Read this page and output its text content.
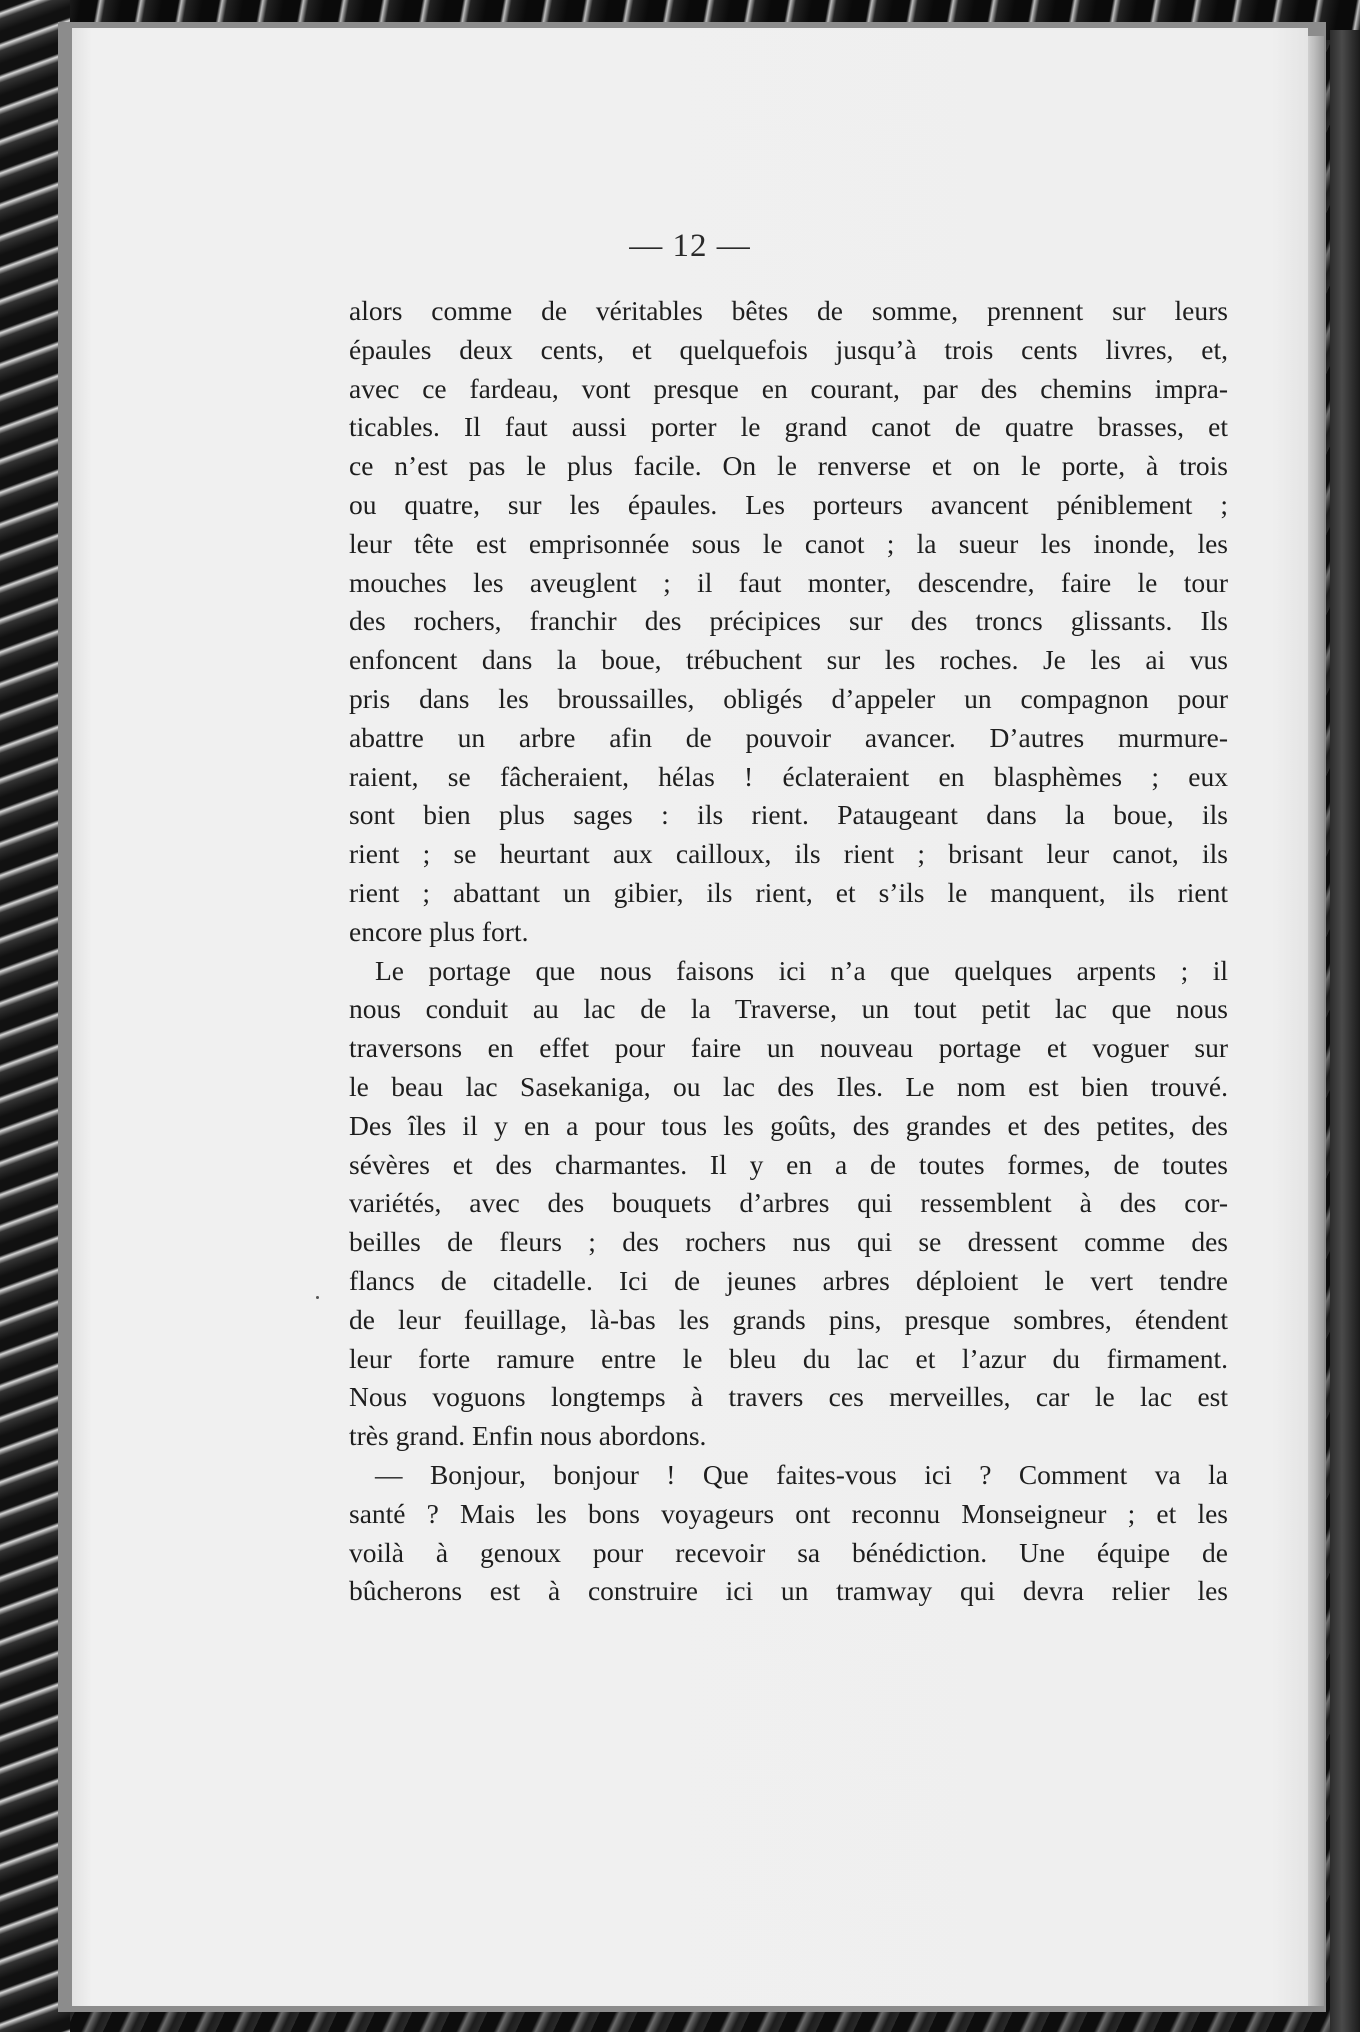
— 12 —
alors comme de véritables bêtes de somme, prennent sur leurs
épaules deux cents, et quelquefois jusqu’à trois cents livres, et,
avec ce fardeau, vont presque en courant, par des chemins impra-
ticables. Il faut aussi porter le grand canot de quatre brasses, et
ce n’est pas le plus facile. On le renverse et on le porte, à trois
ou quatre, sur les épaules. Les porteurs avancent péniblement ;
leur tête est emprisonnée sous le canot ; la sueur les inonde, les
mouches les aveuglent ; il faut monter, descendre, faire le tour
des rochers, franchir des précipices sur des troncs glissants. Ils
enfoncent dans la boue, trébuchent sur les roches. Je les ai vus
pris dans les broussailles, obligés d’appeler un compagnon pour
abattre un arbre afin de pouvoir avancer. D’autres murmure-
raient, se fâcheraient, hélas ! éclateraient en blasphèmes ; eux
sont bien plus sages : ils rient. Pataugeant dans la boue, ils
rient ; se heurtant aux cailloux, ils rient ; brisant leur canot, ils
rient ; abattant un gibier, ils rient, et s’ils le manquent, ils rient
encore plus fort.
Le portage que nous faisons ici n’a que quelques arpents ; il
nous conduit au lac de la Traverse, un tout petit lac que nous
traversons en effet pour faire un nouveau portage et voguer sur
le beau lac Sasekaniga, ou lac des Iles. Le nom est bien trouvé.
Des îles il y en a pour tous les goûts, des grandes et des petites, des
sévères et des charmantes. Il y en a de toutes formes, de toutes
variétés, avec des bouquets d’arbres qui ressemblent à des cor-
beilles de fleurs ; des rochers nus qui se dressent comme des
flancs de citadelle. Ici de jeunes arbres déploient le vert tendre
de leur feuillage, là-bas les grands pins, presque sombres, étendent
leur forte ramure entre le bleu du lac et l’azur du firmament.
Nous voguons longtemps à travers ces merveilles, car le lac est
très grand. Enfin nous abordons.
— Bonjour, bonjour ! Que faites-vous ici ? Comment va la
santé ? Mais les bons voyageurs ont reconnu Monseigneur ; et les
voilà à genoux pour recevoir sa bénédiction. Une équipe de
bûcherons est à construire ici un tramway qui devra relier les
